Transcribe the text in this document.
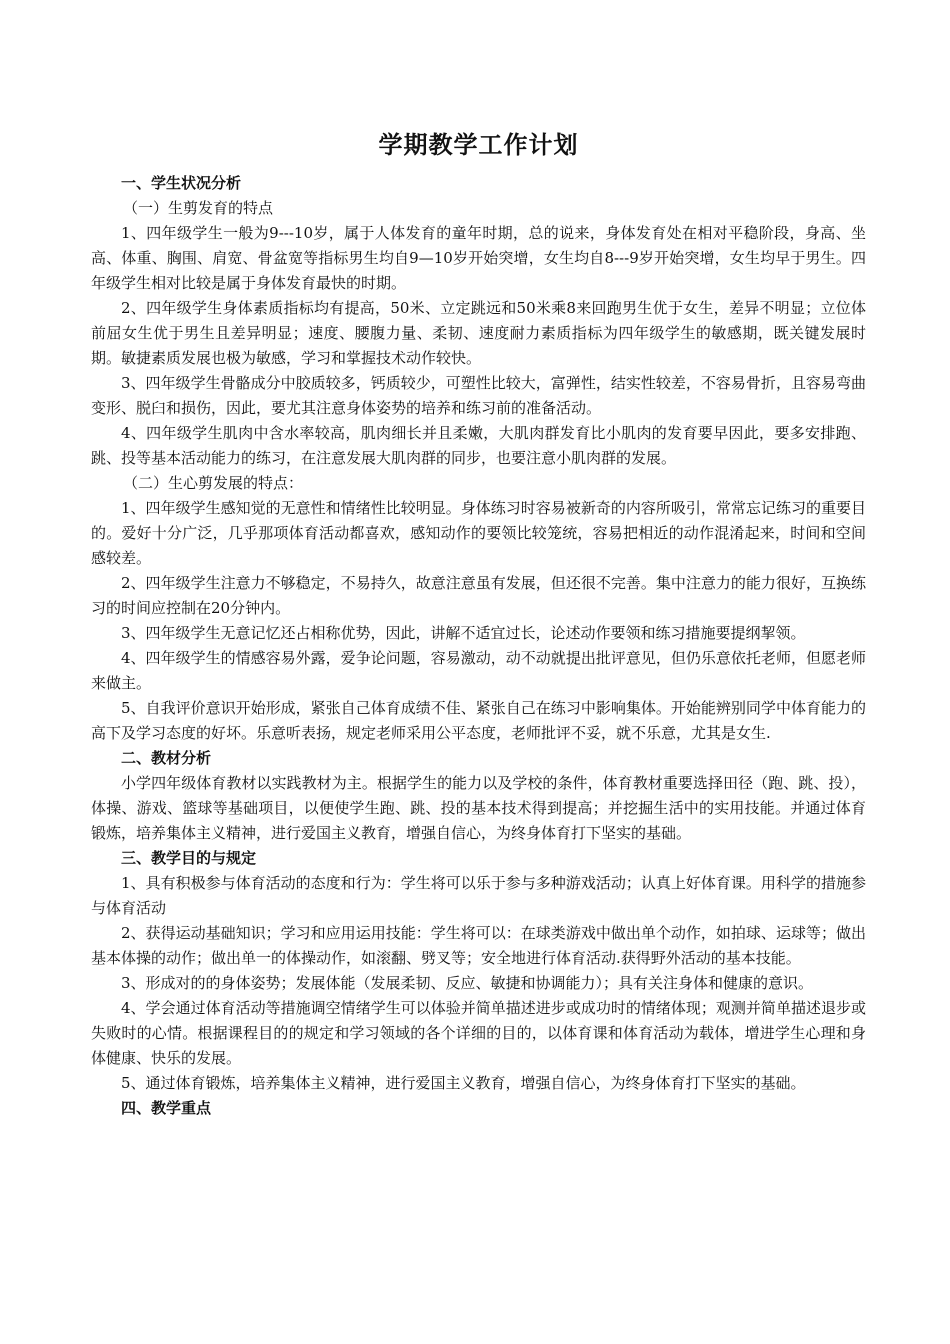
学期教学工作计划
一、学生状况分析
（一）生剪发育的特点
1、四年级学生一般为9---10岁，属于人体发育的童年时期，总的说来，身体发育处在相对平稳阶段，身高、坐高、体重、胸围、肩宽、骨盆宽等指标男生均自9—10岁开始突增，女生均自8---9岁开始突增，女生均早于男生。四年级学生相对比较是属于身体发育最快的时期。
2、四年级学生身体素质指标均有提高，50米、立定跳远和50米乘8来回跑男生优于女生，差异不明显；立位体前屈女生优于男生且差异明显；速度、腰腹力量、柔韧、速度耐力素质指标为四年级学生的敏感期，既关键发展时期。敏捷素质发展也极为敏感，学习和掌握技术动作较快。
3、四年级学生骨骼成分中胶质较多，钙质较少，可塑性比较大，富弹性，结实性较差，不容易骨折，且容易弯曲变形、脱臼和损伤，因此，要尤其注意身体姿势的培养和练习前的准备活动。
4、四年级学生肌肉中含水率较高，肌肉细长并且柔嫩，大肌肉群发育比小肌肉的发育要早因此，要多安排跑、跳、投等基本活动能力的练习，在注意发展大肌肉群的同步，也要注意小肌肉群的发展。
（二）生心剪发展的特点：
1、四年级学生感知觉的无意性和情绪性比较明显。身体练习时容易被新奇的内容所吸引，常常忘记练习的重要目的。爱好十分广泛，几乎那项体育活动都喜欢，感知动作的要领比较笼统，容易把相近的动作混淆起来，时间和空间感较差。
2、四年级学生注意力不够稳定，不易持久，故意注意虽有发展，但还很不完善。集中注意力的能力很好，互换练习的时间应控制在20分钟内。
3、四年级学生无意记忆还占相称优势，因此，讲解不适宜过长，论述动作要领和练习措施要提纲挈领。
4、四年级学生的情感容易外露，爱争论问题，容易激动，动不动就提出批评意见，但仍乐意依托老师，但愿老师来做主。
5、自我评价意识开始形成，紧张自己体育成绩不佳、紧张自己在练习中影响集体。开始能辨别同学中体育能力的高下及学习态度的好坏。乐意听表扬，规定老师采用公平态度，老师批评不妥，就不乐意，尤其是女生.
二、教材分析
小学四年级体育教材以实践教材为主。根据学生的能力以及学校的条件，体育教材重要选择田径（跑、跳、投），体操、游戏、篮球等基础项目，以便使学生跑、跳、投的基本技术得到提高；并挖掘生活中的实用技能。并通过体育锻炼，培养集体主义精神，进行爱国主义教育，增强自信心，为终身体育打下坚实的基础。
三、教学目的与规定
1、具有积极参与体育活动的态度和行为：学生将可以乐于参与多种游戏活动；认真上好体育课。用科学的措施参与体育活动
2、获得运动基础知识；学习和应用运用技能：学生将可以：在球类游戏中做出单个动作，如拍球、运球等；做出基本体操的动作；做出单一的体操动作，如滚翻、劈叉等；安全地进行体育活动.获得野外活动的基本技能。
3、形成对的的身体姿势；发展体能（发展柔韧、反应、敏捷和协调能力）；具有关注身体和健康的意识。
4、学会通过体育活动等措施调空情绪学生可以体验并简单描述进步或成功时的情绪体现；观测并简单描述退步或失败时的心情。根据课程目的的规定和学习领域的各个详细的目的，以体育课和体育活动为载体，增进学生心理和身体健康、快乐的发展。
5、通过体育锻炼，培养集体主义精神，进行爱国主义教育，增强自信心，为终身体育打下坚实的基础。
四、教学重点
